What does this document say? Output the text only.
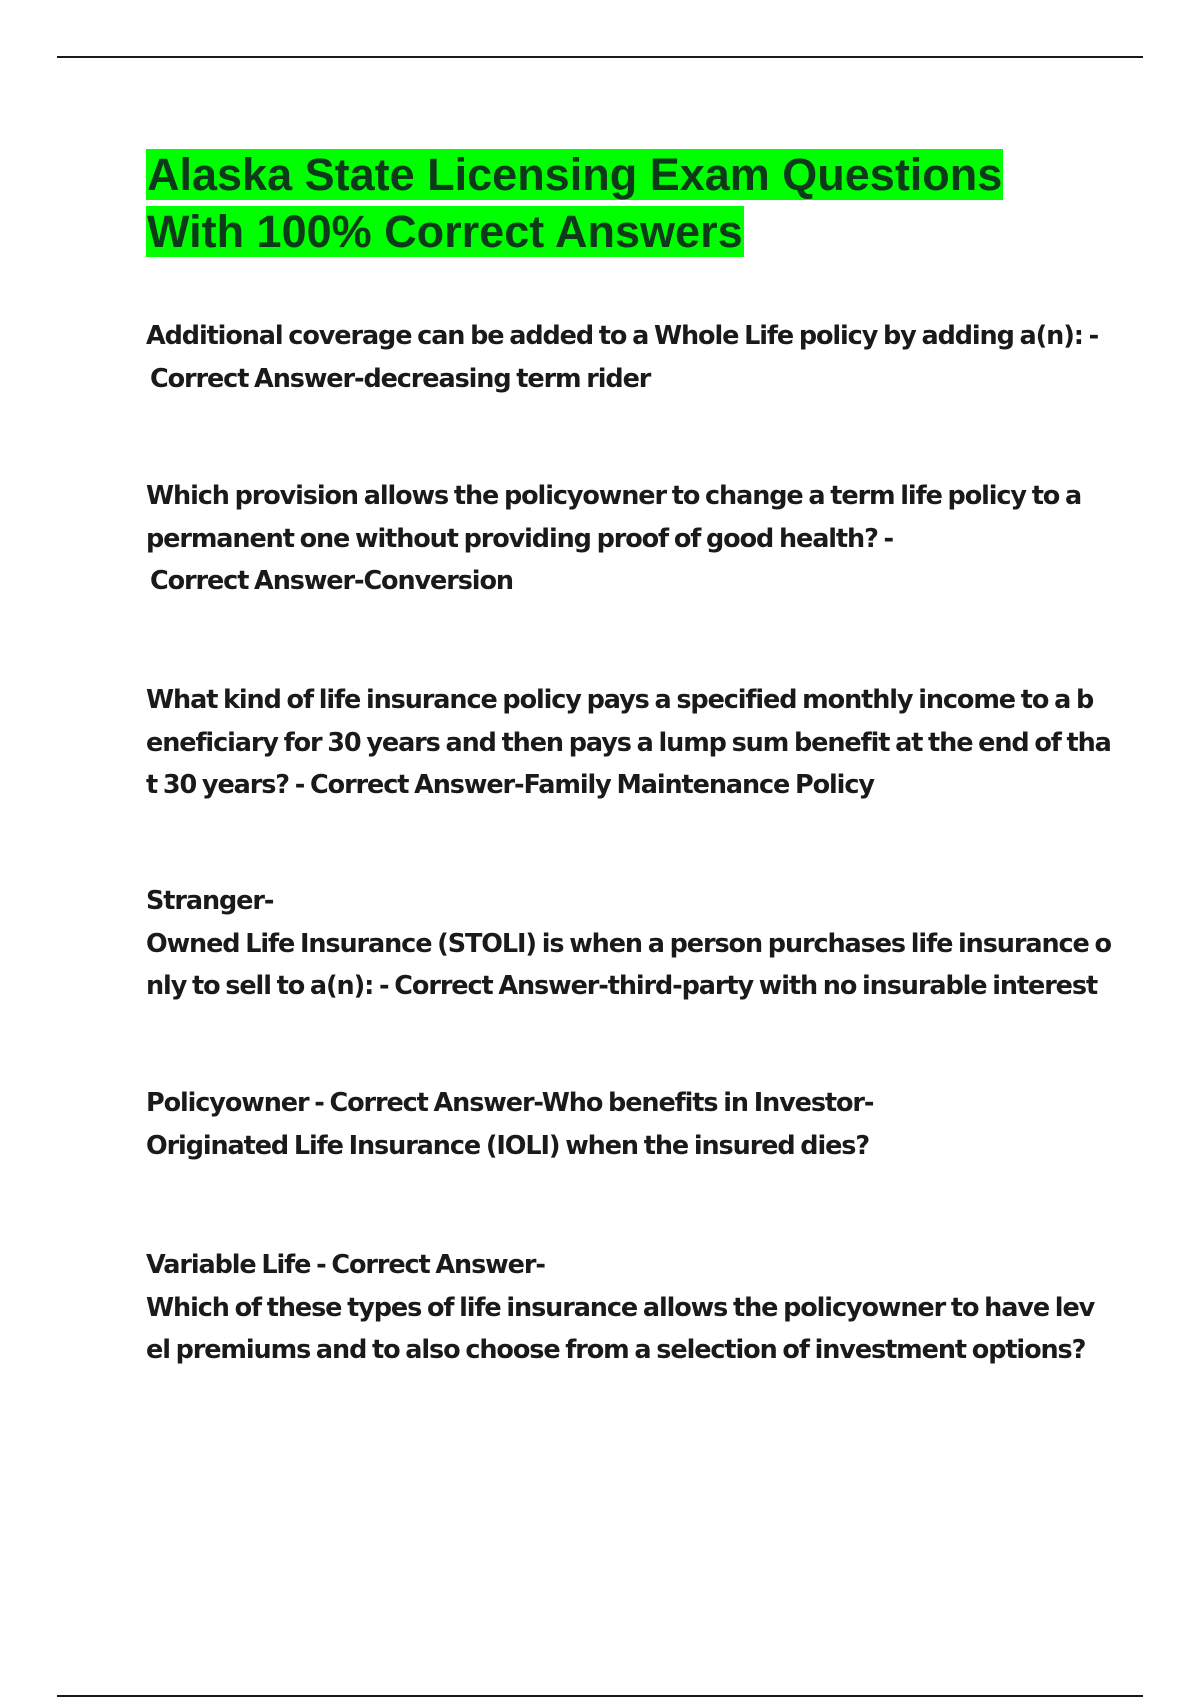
Alaska State Licensing Exam Questions
With 100% Correct Answers

Additional coverage can be added to a Whole Life policy by adding a(n): -
Correct Answer-decreasing term rider

Which provision allows the policyowner to change a term life policy to a
permanent one without providing proof of good health? -
Correct Answer-Conversion

What kind of life insurance policy pays a specified monthly income to a b
eneficiary for 30 years and then pays a lump sum benefit at the end of tha
t 30 years? - Correct Answer-Family Maintenance Policy

Stranger-
Owned Life Insurance (STOLI) is when a person purchases life insurance o
nly to sell to a(n): - Correct Answer-third-party with no insurable interest

Policyowner - Correct Answer-Who benefits in Investor-
Originated Life Insurance (IOLI) when the insured dies?

Variable Life - Correct Answer-
Which of these types of life insurance allows the policyowner to have lev
el premiums and to also choose from a selection of investment options?
